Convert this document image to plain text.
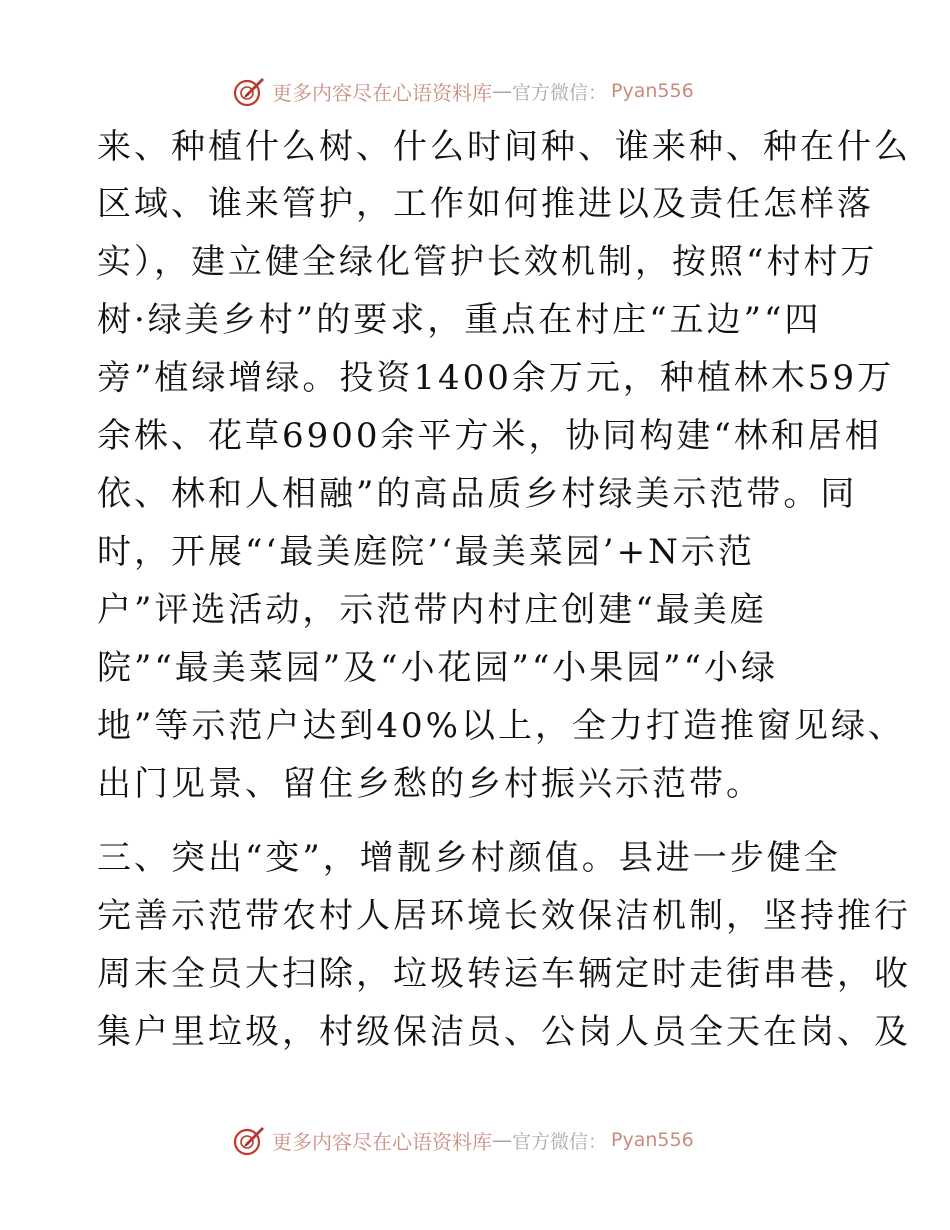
更多内容尽在心语资料库 — 官方微信： Pyan556
来、种植什么树、什么时间种、谁来种、种在什么
区域、谁来管护，工作如何推进以及责任怎样落
实），建立健全绿化管护长效机制，按照“村村万
树·绿美乡村”的要求，重点在村庄“五边”“四
旁”植绿增绿。投资1400余万元，种植林木59万
余株、花草6900余平方米，协同构建“林和居相
依、林和人相融”的高品质乡村绿美示范带。同
时，开展“‘最美庭院’‘最美菜园’+N示范
户”评选活动，示范带内村庄创建“最美庭
院”“最美菜园”及“小花园”“小果园”“小绿
地”等示范户达到40%以上，全力打造推窗见绿、
出门见景、留住乡愁的乡村振兴示范带。
三、突出“变”，增靓乡村颜值。县进一步健全
完善示范带农村人居环境长效保洁机制，坚持推行
周末全员大扫除，垃圾转运车辆定时走街串巷，收
集户里垃圾，村级保洁员、公岗人员全天在岗、及
更多内容尽在心语资料库 — 官方微信： Pyan556
